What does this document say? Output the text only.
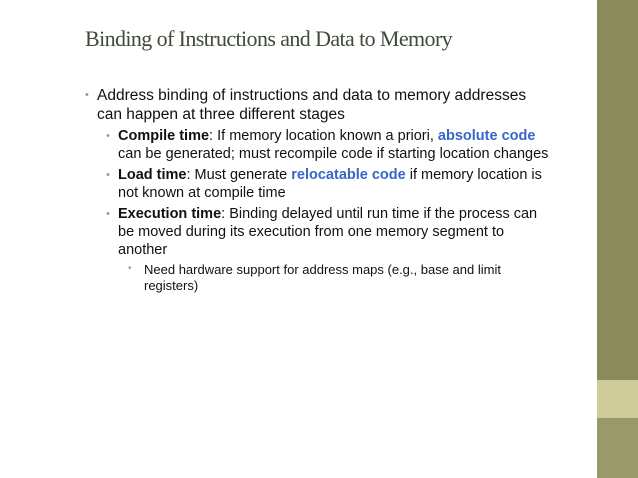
Binding of Instructions and Data to Memory
• Address binding of instructions and data to memory addresses can happen at three different stages
• Compile time: If memory location known a priori, absolute code can be generated; must recompile code if starting location changes
• Load time: Must generate relocatable code if memory location is not known at compile time
• Execution time: Binding delayed until run time if the process can be moved during its execution from one memory segment to another
• Need hardware support for address maps (e.g., base and limit registers)
